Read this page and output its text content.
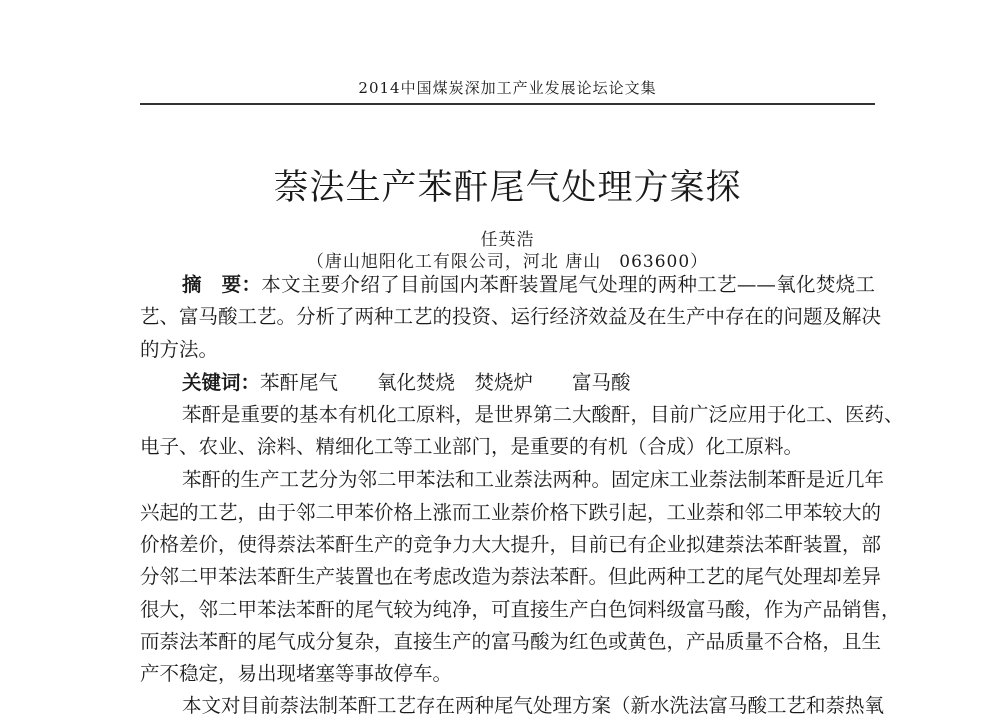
2014中国煤炭深加工产业发展论坛论文集
萘法生产苯酐尾气处理方案探
任英浩
（唐山旭阳化工有限公司，河北 唐山　063600）
摘　要：本文主要介绍了目前国内苯酐装置尾气处理的两种工艺——氧化焚烧工
艺、富马酸工艺。分析了两种工艺的投资、运行经济效益及在生产中存在的问题及解决
的方法。
关键词：苯酐尾气　　氧化焚烧　焚烧炉　　富马酸
苯酐是重要的基本有机化工原料，是世界第二大酸酐，目前广泛应用于化工、医药、
电子、农业、涂料、精细化工等工业部门，是重要的有机（合成）化工原料。
苯酐的生产工艺分为邻二甲苯法和工业萘法两种。固定床工业萘法制苯酐是近几年
兴起的工艺，由于邻二甲苯价格上涨而工业萘价格下跌引起，工业萘和邻二甲苯较大的
价格差价，使得萘法苯酐生产的竞争力大大提升，目前已有企业拟建萘法苯酐装置，部
分邻二甲苯法苯酐生产装置也在考虑改造为萘法苯酐。但此两种工艺的尾气处理却差异
很大，邻二甲苯法苯酐的尾气较为纯净，可直接生产白色饲料级富马酸，作为产品销售，
而萘法苯酐的尾气成分复杂，直接生产的富马酸为红色或黄色，产品质量不合格，且生
产不稳定，易出现堵塞等事故停车。
本文对目前萘法制苯酐工艺存在两种尾气处理方案（新水洗法富马酸工艺和萘热氧
